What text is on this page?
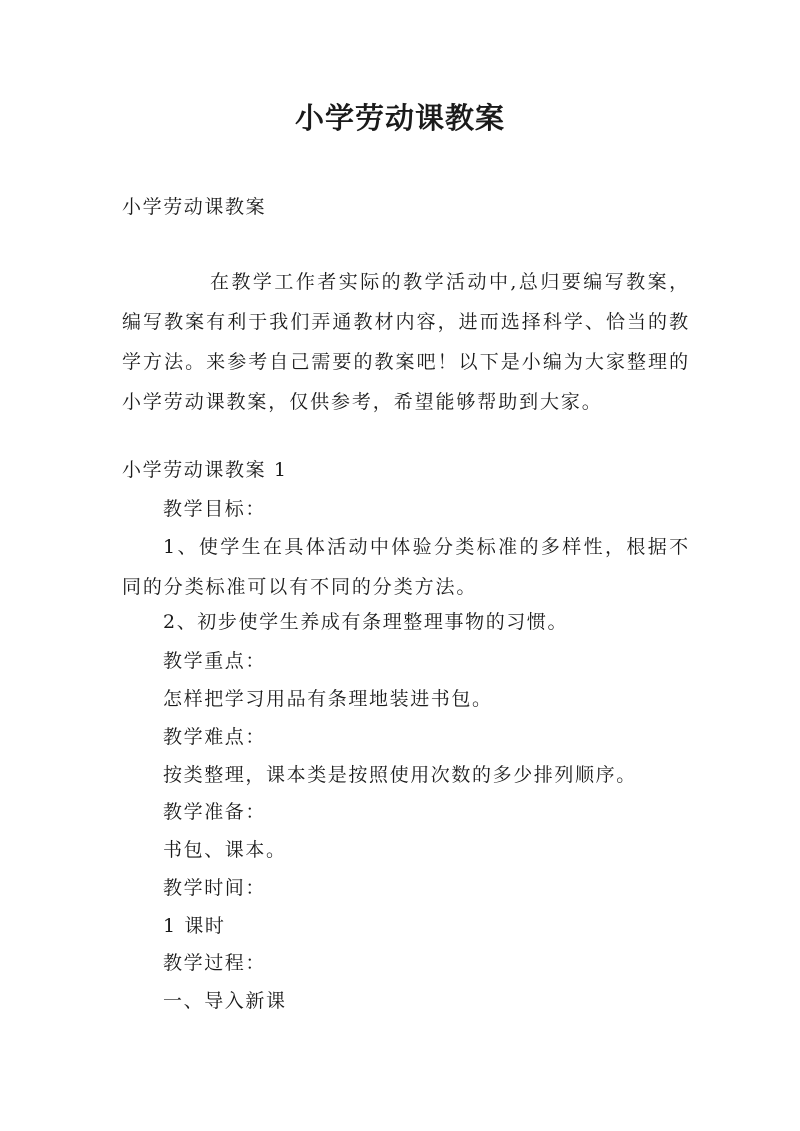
小学劳动课教案

小学劳动课教案

在教学工作者实际的教学活动中,总归要编写教案，编写教案有利于我们弄通教材内容，进而选择科学、恰当的教学方法。来参考自己需要的教案吧！以下是小编为大家整理的小学劳动课教案，仅供参考，希望能够帮助到大家。

小学劳动课教案 1

教学目标：

1、使学生在具体活动中体验分类标准的多样性，根据不同的分类标准可以有不同的分类方法。

2、初步使学生养成有条理整理事物的习惯。

教学重点：

怎样把学习用品有条理地装进书包。

教学难点：

按类整理，课本类是按照使用次数的多少排列顺序。

教学准备：

书包、课本。

教学时间：

1 课时

教学过程：

一、导入新课
